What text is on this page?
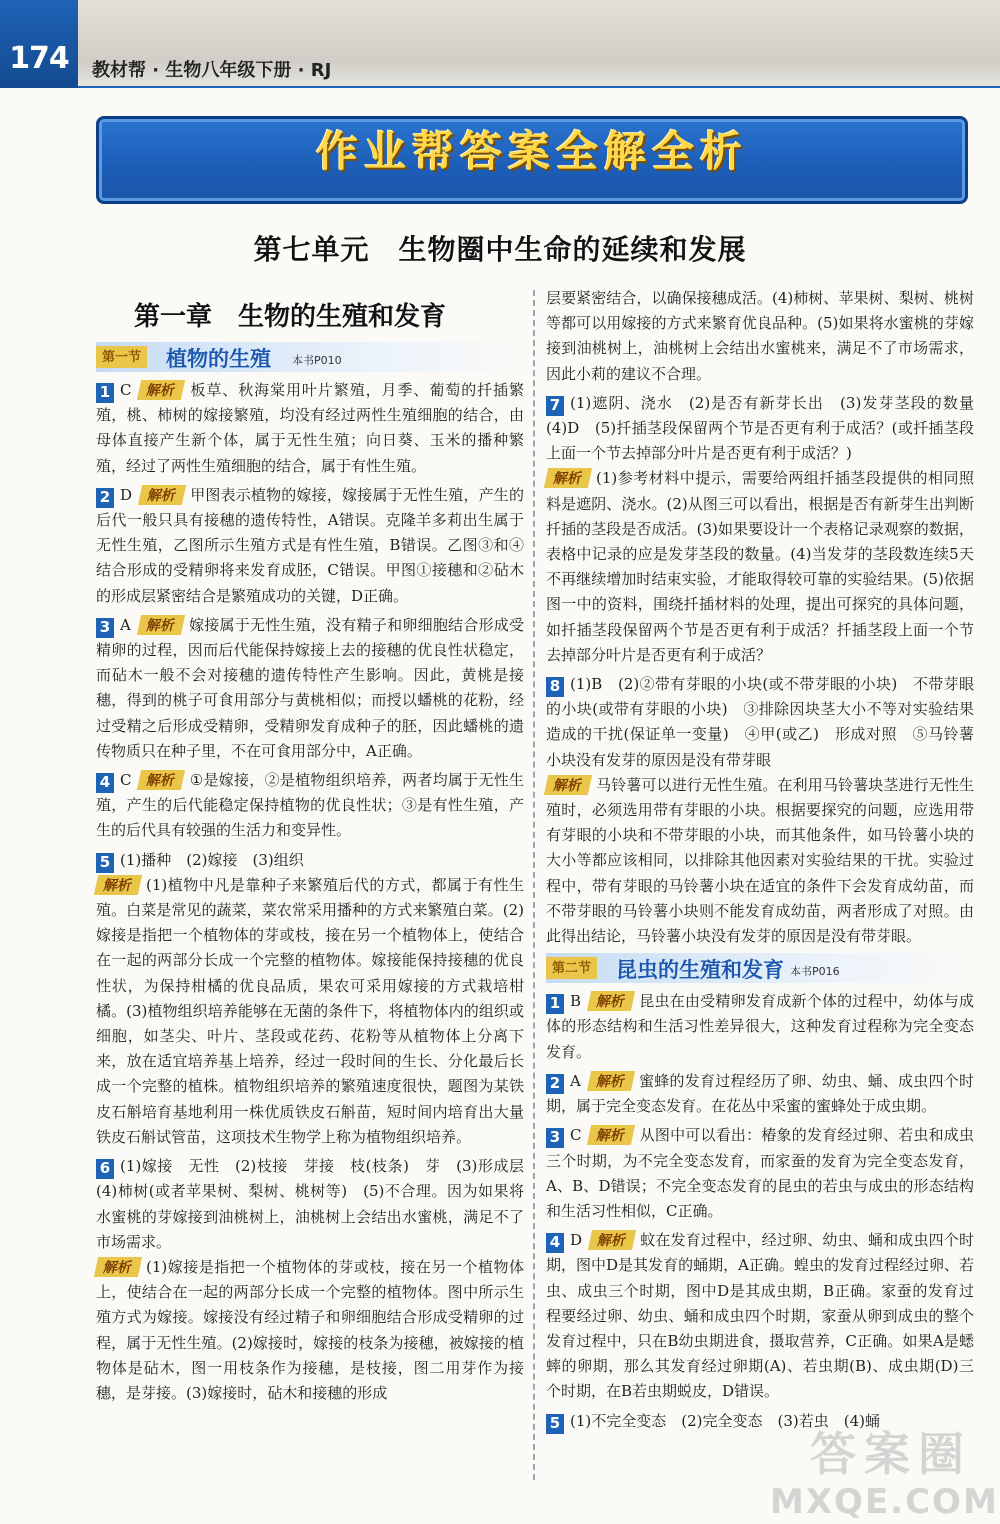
174	教材帮 · 生物八年级下册 · RJ
作业帮答案全解全析
第七单元　生物圈中生命的延续和发展
第一章　生物的生殖和发育
第一节 植物的生殖 本书P010

1 C 解析 板草、秋海棠用叶片繁殖，月季、葡萄的扦插繁殖，桃、柿树的嫁接繁殖，均没有经过两性生殖细胞的结合，由母体直接产生新个体，属于无性生殖；向日葵、玉米的播种繁殖，经过了两性生殖细胞的结合，属于有性生殖。

2 D 解析 甲图表示植物的嫁接，嫁接属于无性生殖，产生的后代一般只具有接穗的遗传特性，A错误。克隆羊多莉出生属于无性生殖，乙图所示生殖方式是有性生殖，B错误。乙图③和④结合形成的受精卵将来发育成胚，C错误。甲图①接穗和②砧木的形成层紧密结合是繁殖成功的关键，D正确。

3 A 解析 嫁接属于无性生殖，没有精子和卵细胞结合形成受精卵的过程，因而后代能保持嫁接上去的接穗的优良性状稳定，而砧木一般不会对接穗的遗传特性产生影响。因此，黄桃是接穗，得到的桃子可食用部分与黄桃相似；而授以蟠桃的花粉，经过受精之后形成受精卵，受精卵发育成种子的胚，因此蟠桃的遗传物质只在种子里，不在可食用部分中，A正确。

4 C 解析 ①是嫁接，②是植物组织培养，两者均属于无性生殖，产生的后代能稳定保持植物的优良性状；③是有性生殖，产生的后代具有较强的生活力和变异性。

5 (1)播种　(2)嫁接　(3)组织

解析 (1)植物中凡是靠种子来繁殖后代的方式，都属于有性生殖。白菜是常见的蔬菜，菜农常采用播种的方式来繁殖白菜。(2)嫁接是指把一个植物体的芽或枝，接在另一个植物体上，使结合在一起的两部分长成一个完整的植物体。嫁接能保持接穗的优良性状，为保持柑橘的优良品质，果农可采用嫁接的方式栽培柑橘。(3)植物组织培养能够在无菌的条件下，将植物体内的组织或细胞，如茎尖、叶片、茎段或花药、花粉等从植物体上分离下来，放在适宜培养基上培养，经过一段时间的生长、分化最后长成一个完整的植株。植物组织培养的繁殖速度很快，题图为某铁皮石斛培育基地利用一株优质铁皮石斛苗，短时间内培育出大量铁皮石斛试管苗，这项技术生物学上称为植物组织培养。

6 (1)嫁接　无性　(2)枝接　芽接　枝(枝条)　芽　(3)形成层　(4)柿树(或者苹果树、梨树、桃树等)　(5)不合理。因为如果将水蜜桃的芽嫁接到油桃树上，油桃树上会结出水蜜桃，满足不了市场需求。

解析 (1)嫁接是指把一个植物体的芽或枝，接在另一个植物体上，使结合在一起的两部分长成一个完整的植物体。图中所示生殖方式为嫁接。嫁接没有经过精子和卵细胞结合形成受精卵的过程，属于无性生殖。(2)嫁接时，嫁接的枝条为接穗，被嫁接的植物体是砧木，图一用枝条作为接穗，是枝接，图二用芽作为接穗，是芽接。(3)嫁接时，砧木和接穗的形成

层要紧密结合，以确保接穗成活。(4)柿树、苹果树、梨树、桃树等都可以用嫁接的方式来繁育优良品种。(5)如果将水蜜桃的芽嫁接到油桃树上，油桃树上会结出水蜜桃来，满足不了市场需求，因此小莉的建议不合理。

7 (1)遮阴、浇水　(2)是否有新芽长出　(3)发芽茎段的数量　(4)D　(5)扦插茎段保留两个节是否更有利于成活？(或扦插茎段上面一个节去掉部分叶片是否更有利于成活？)

解析 (1)参考材料中提示，需要给两组扦插茎段提供的相同照料是遮阴、浇水。(2)从图三可以看出，根据是否有新芽生出判断扦插的茎段是否成活。(3)如果要设计一个表格记录观察的数据，表格中记录的应是发芽茎段的数量。(4)当发芽的茎段数连续5天不再继续增加时结束实验，才能取得较可靠的实验结果。(5)依据图一中的资料，围绕扦插材料的处理，提出可探究的具体问题，如扦插茎段保留两个节是否更有利于成活？扦插茎段上面一个节去掉部分叶片是否更有利于成活？

8 (1)B　(2)②带有芽眼的小块(或不带芽眼的小块)　不带芽眼的小块(或带有芽眼的小块)　③排除因块茎大小不等对实验结果造成的干扰(保证单一变量)　④甲(或乙)　形成对照　⑤马铃薯小块没有发芽的原因是没有带芽眼

解析 马铃薯可以进行无性生殖。在利用马铃薯块茎进行无性生殖时，必须选用带有芽眼的小块。根据要探究的问题，应选用带有芽眼的小块和不带芽眼的小块，而其他条件，如马铃薯小块的大小等都应该相同，以排除其他因素对实验结果的干扰。实验过程中，带有芽眼的马铃薯小块在适宜的条件下会发育成幼苗，而不带芽眼的马铃薯小块则不能发育成幼苗，两者形成了对照。由此得出结论，马铃薯小块没有发芽的原因是没有带芽眼。

第二节 昆虫的生殖和发育 本书P016

1 B 解析 昆虫在由受精卵发育成新个体的过程中，幼体与成体的形态结构和生活习性差异很大，这种发育过程称为完全变态发育。

2 A 解析 蜜蜂的发育过程经历了卵、幼虫、蛹、成虫四个时期，属于完全变态发育。在花丛中采蜜的蜜蜂处于成虫期。

3 C 解析 从图中可以看出：椿象的发育经过卵、若虫和成虫三个时期，为不完全变态发育，而家蚕的发育为完全变态发育，A、B、D错误；不完全变态发育的昆虫的若虫与成虫的形态结构和生活习性相似，C正确。

4 D 解析 蚊在发育过程中，经过卵、幼虫、蛹和成虫四个时期，图中D是其发育的蛹期，A正确。蝗虫的发育过程经过卵、若虫、成虫三个时期，图中D是其成虫期，B正确。家蚕的发育过程要经过卵、幼虫、蛹和成虫四个时期，家蚕从卵到成虫的整个发育过程中，只在B幼虫期进食，摄取营养，C正确。如果A是蟋蟀的卵期，那么其发育经过卵期(A)、若虫期(B)、成虫期(D)三个时期，在B若虫期蜕皮，D错误。

5 (1)不完全变态　(2)完全变态　(3)若虫　(4)蛹

答案圈
MXQE.COM
